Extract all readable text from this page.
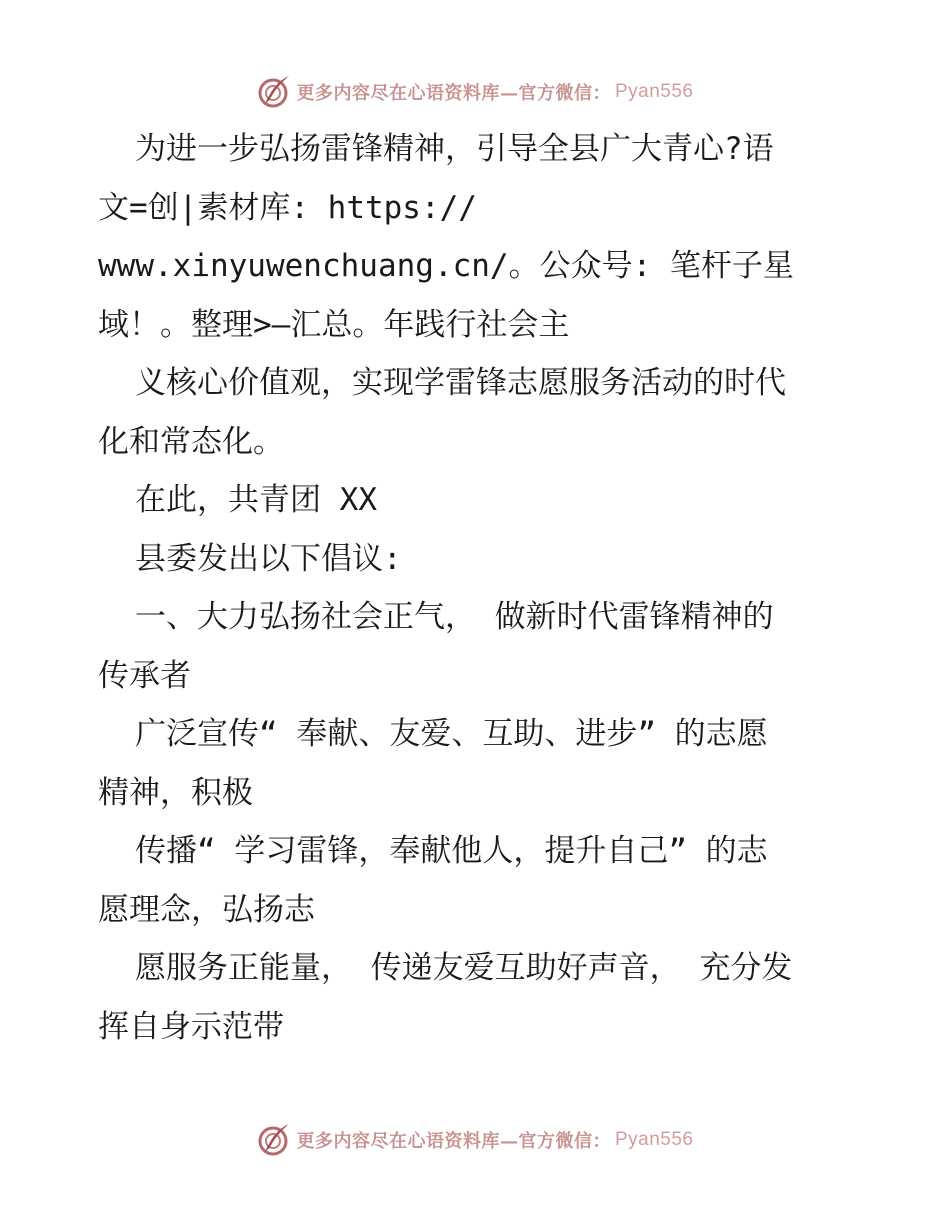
更多内容尽在心语资料库—官方微信： Pyan556
为进一步弘扬雷锋精神，引导全县广大青心?语
文=创|素材库: https://
www.xinyuwenchuang.cn/。公众号: 笔杆子星
域！。整理>—汇总。年践行社会主
义核心价值观，实现学雷锋志愿服务活动的时代
化和常态化。
在此，共青团 XX
县委发出以下倡议:
一、大力弘扬社会正气， 做新时代雷锋精神的
传承者
广泛宣传“ 奉献、友爱、互助、进步” 的志愿
精神，积极
传播“ 学习雷锋，奉献他人，提升自己” 的志
愿理念，弘扬志
愿服务正能量， 传递友爱互助好声音， 充分发
挥自身示范带
更多内容尽在心语资料库—官方微信： Pyan556
